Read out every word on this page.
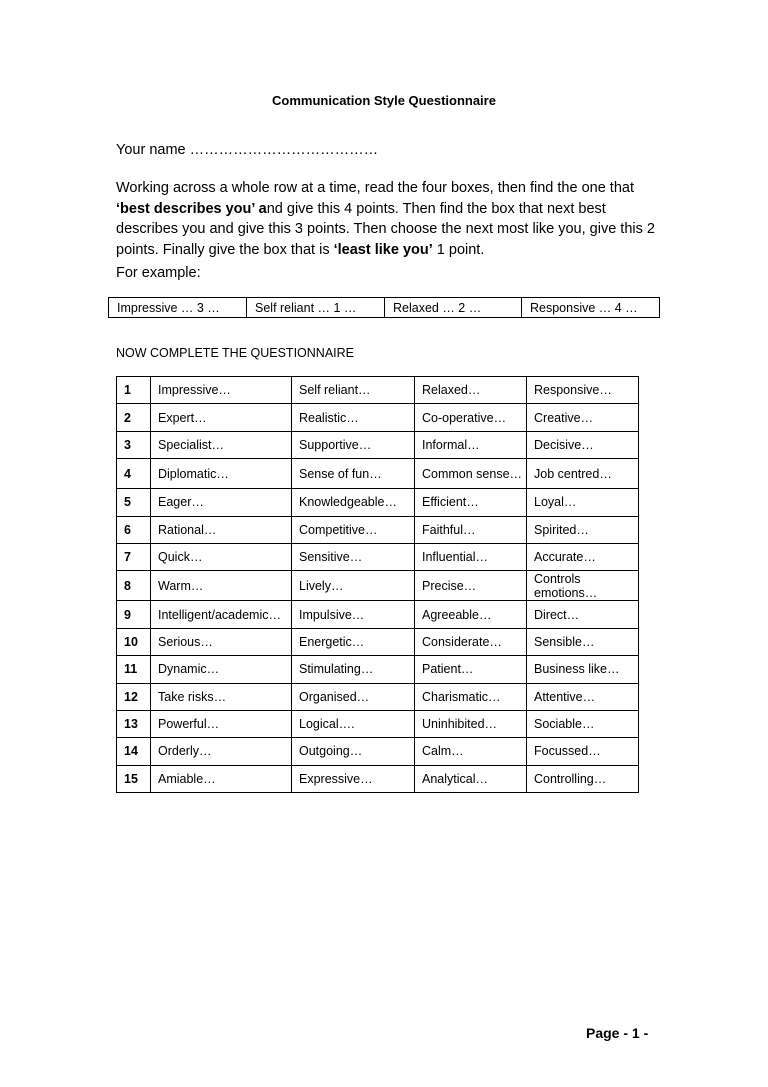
Communication Style Questionnaire
Your name …………………………………
Working across a whole row at a time, read the four boxes, then find the one that ‘best describes you’ and give this 4 points. Then find the box that next best describes you and give this 3 points. Then choose the next most like you, give this 2 points. Finally give the box that is ‘least like you’ 1 point.
For example:
Impressive … 3 …	Self reliant … 1 …	Relaxed … 2 …	Responsive … 4 …
NOW COMPLETE THE QUESTIONNAIRE
1	Impressive…	Self reliant…	Relaxed…	Responsive…
2	Expert…	Realistic…	Co-operative…	Creative…
3	Specialist…	Supportive…	Informal…	Decisive…
4	Diplomatic…	Sense of fun…	Common sense…	Job centred…
5	Eager…	Knowledgeable…	Efficient…	Loyal…
6	Rational…	Competitive…	Faithful…	Spirited…
7	Quick…	Sensitive…	Influential…	Accurate…
8	Warm…	Lively…	Precise…	Controls emotions…
9	Intelligent/academic…	Impulsive…	Agreeable…	Direct…
10	Serious…	Energetic…	Considerate…	Sensible…
11	Dynamic…	Stimulating…	Patient…	Business like…
12	Take risks…	Organised…	Charismatic…	Attentive…
13	Powerful…	Logical….	Uninhibited…	Sociable…
14	Orderly…	Outgoing…	Calm…	Focussed…
15	Amiable…	Expressive…	Analytical…	Controlling…
Page - 1 -
